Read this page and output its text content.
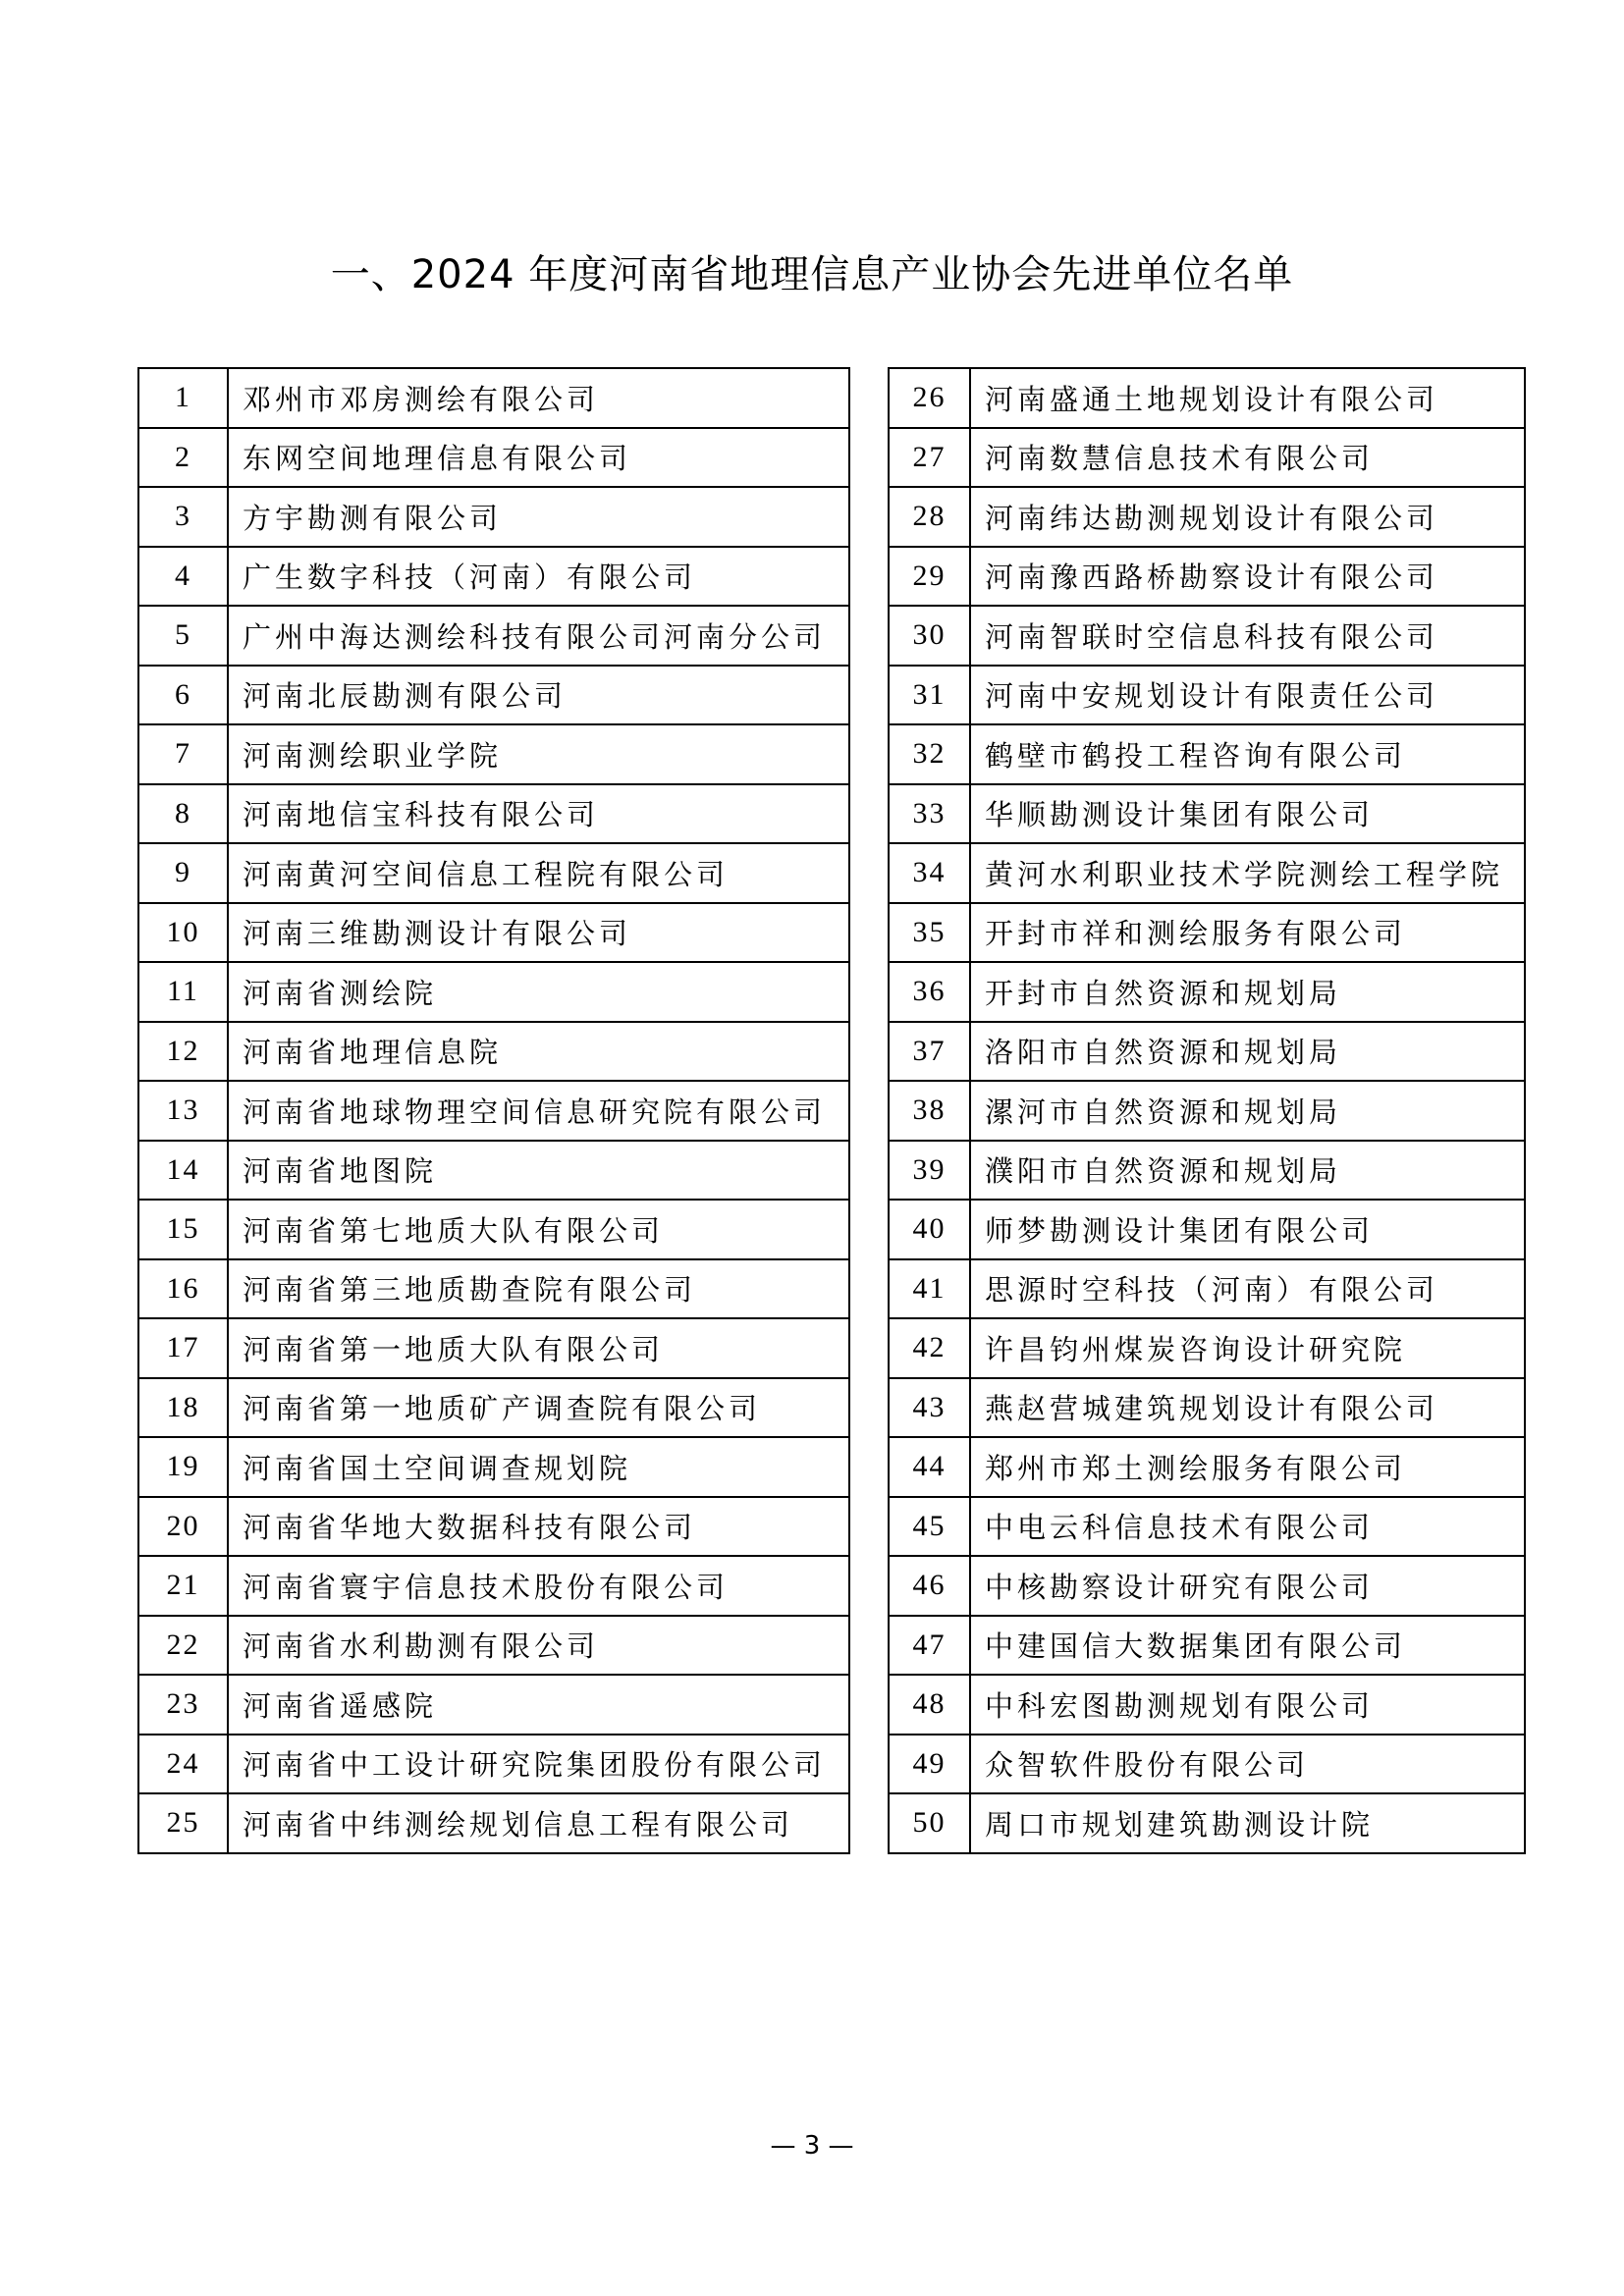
一、2024 年度河南省地理信息产业协会先进单位名单
1	邓州市邓房测绘有限公司
2	东网空间地理信息有限公司
3	方宇勘测有限公司
4	广生数字科技（河南）有限公司
5	广州中海达测绘科技有限公司河南分公司
6	河南北辰勘测有限公司
7	河南测绘职业学院
8	河南地信宝科技有限公司
9	河南黄河空间信息工程院有限公司
10	河南三维勘测设计有限公司
11	河南省测绘院
12	河南省地理信息院
13	河南省地球物理空间信息研究院有限公司
14	河南省地图院
15	河南省第七地质大队有限公司
16	河南省第三地质勘查院有限公司
17	河南省第一地质大队有限公司
18	河南省第一地质矿产调查院有限公司
19	河南省国土空间调查规划院
20	河南省华地大数据科技有限公司
21	河南省寰宇信息技术股份有限公司
22	河南省水利勘测有限公司
23	河南省遥感院
24	河南省中工设计研究院集团股份有限公司
25	河南省中纬测绘规划信息工程有限公司
26	河南盛通土地规划设计有限公司
27	河南数慧信息技术有限公司
28	河南纬达勘测规划设计有限公司
29	河南豫西路桥勘察设计有限公司
30	河南智联时空信息科技有限公司
31	河南中安规划设计有限责任公司
32	鹤壁市鹤投工程咨询有限公司
33	华顺勘测设计集团有限公司
34	黄河水利职业技术学院测绘工程学院
35	开封市祥和测绘服务有限公司
36	开封市自然资源和规划局
37	洛阳市自然资源和规划局
38	漯河市自然资源和规划局
39	濮阳市自然资源和规划局
40	师梦勘测设计集团有限公司
41	思源时空科技（河南）有限公司
42	许昌钧州煤炭咨询设计研究院
43	燕赵营城建筑规划设计有限公司
44	郑州市郑土测绘服务有限公司
45	中电云科信息技术有限公司
46	中核勘察设计研究有限公司
47	中建国信大数据集团有限公司
48	中科宏图勘测规划有限公司
49	众智软件股份有限公司
50	周口市规划建筑勘测设计院
— 3 —
